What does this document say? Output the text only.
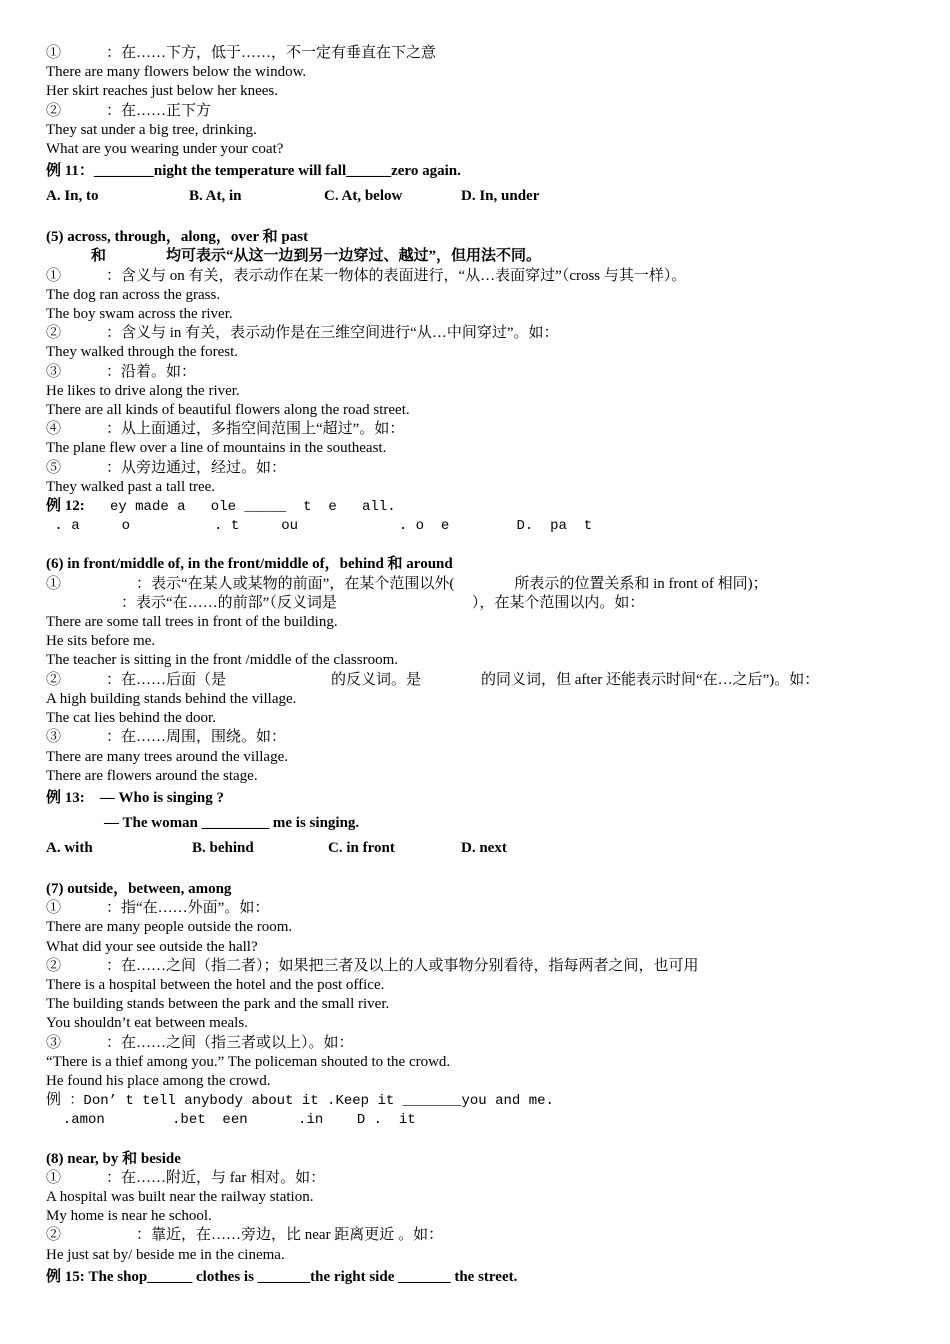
①　　　：在……下方，低于……，不一定有垂直在下之意
There are many flowers below the window.
Her skirt reaches just below her knees.
②　　　：在……正下方
They sat under a big tree, drinking.
What are you wearing under your coat?
例 11：________night the temperature will fall______zero again.
A. In, to	B. At, in	C. At, below	D. In, under
(5) across, through，along，over 和 past
　　　和　　　　均可表示“从这一边到另一边穿过、越过”，但用法不同。
①　　　：含义与 on 有关，表示动作在某一物体的表面进行，“从…表面穿过”（cross 与其一样）。
The dog ran across the grass.
The boy swam across the river.
②　　　：含义与 in 有关，表示动作是在三维空间进行“从…中间穿过”。如：
They walked through the forest.
③　　　：沿着。如：
He likes to drive along the river.
There are all kinds of beautiful flowers along the road street.
④　　　：从上面通过，多指空间范围上“超过”。如：
The plane flew over a line of mountains in the southeast.
⑤　　　：从旁边通过，经过。如：
They walked past a tall tree.
例 12:   ey made a   ole _____  t  e   all.
. a     o          . t     ou            . o  e        D.  pa  t
(6) in front/middle of, in the front/middle of，behind 和 around
①　　　　　：表示“在某人或某物的前面”，在某个范围以外(　　　　所表示的位置关系和 in front of 相同)；
　　　　　：表示“在……的前部”（反义词是　　　　　　　　　），在某个范围以内。如：
There are some tall trees in front of the building.
He sits before me.
The teacher is sitting in the front /middle of the classroom.
②　　　：在……后面（是　　　　　　　的反义词。是　　　　的同义词，但 after 还能表示时间“在…之后”)。如：
A high building stands behind the village.
The cat lies behind the door.
③　　　：在……周围，围绕。如：
There are many trees around the village.
There are flowers around the stage.
例 13:　— Who is singing ?
— The woman _________ me is singing.
A. with	B. behind	C. in front	D. next
(7) outside，between, among
①　　　：指“在……外面”。如：
There are many people outside the room.
What did your see outside the hall?
②　　　：在……之间（指二者）；如果把三者及以上的人或事物分别看待，指每两者之间，也可用
There is a hospital between the hotel and the post office.
The building stands between the park and the small river.
You shouldn’t eat between meals.
③　　　：在……之间（指三者或以上）。如：
“There is a thief among you.” The policeman shouted to the crowd.
He found his place among the crowd.
例 ：Don’ t tell anybody about it .Keep it _______you and me.
.amon        .bet  een      .in    D .  it
(8) near, by 和 beside
①　　　：在……附近，与 far 相对。如：
A hospital was built near the railway station.
My home is near he school.
②　　　　　：靠近，在……旁边，比 near 距离更近 。如：
He just sat by/ beside me in the cinema.
例 15: The shop______ clothes is _______the right side _______ the street.
